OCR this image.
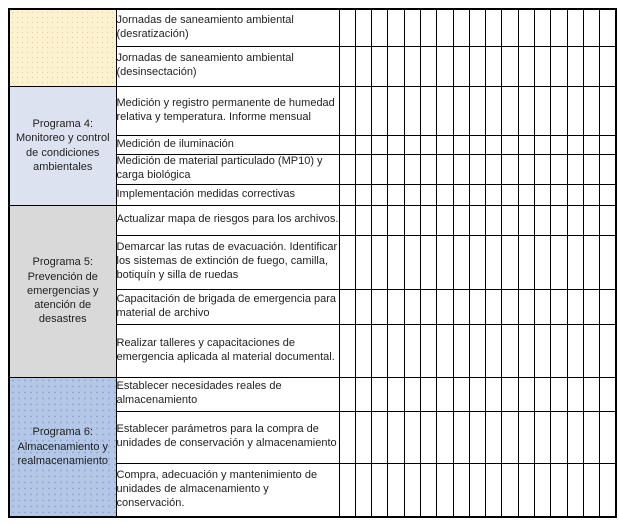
	Jornadas de saneamiento ambiental (desratización)																	
	Jornadas de saneamiento ambiental (desinsectación)																	
Programa 4: Monitoreo y control de condiciones ambientales	Medición y registro permanente de humedad relativa y temperatura. Informe mensual																	
	Medición de iluminación																	
	Medición de material particulado (MP10) y carga biológica																	
	Implementación medidas correctivas																	
Programa 5: Prevención de emergencias y atención de desastres	Actualizar mapa de riesgos para los archivos.																	
	Demarcar las rutas de evacuación. Identificar los sistemas de extinción de fuego, camilla, botiquín y silla de ruedas																	
	Capacitación de brigada de emergencia para material de archivo																	
	Realizar talleres y capacitaciones de emergencia aplicada al material documental.																	
Programa 6: Almacenamiento y realmacenamiento	Establecer necesidades reales de almacenamiento																	
	Establecer parámetros para la compra de unidades de conservación y almacenamiento																	
	Compra, adecuación y mantenimiento de unidades de almacenamiento y conservación.																	
